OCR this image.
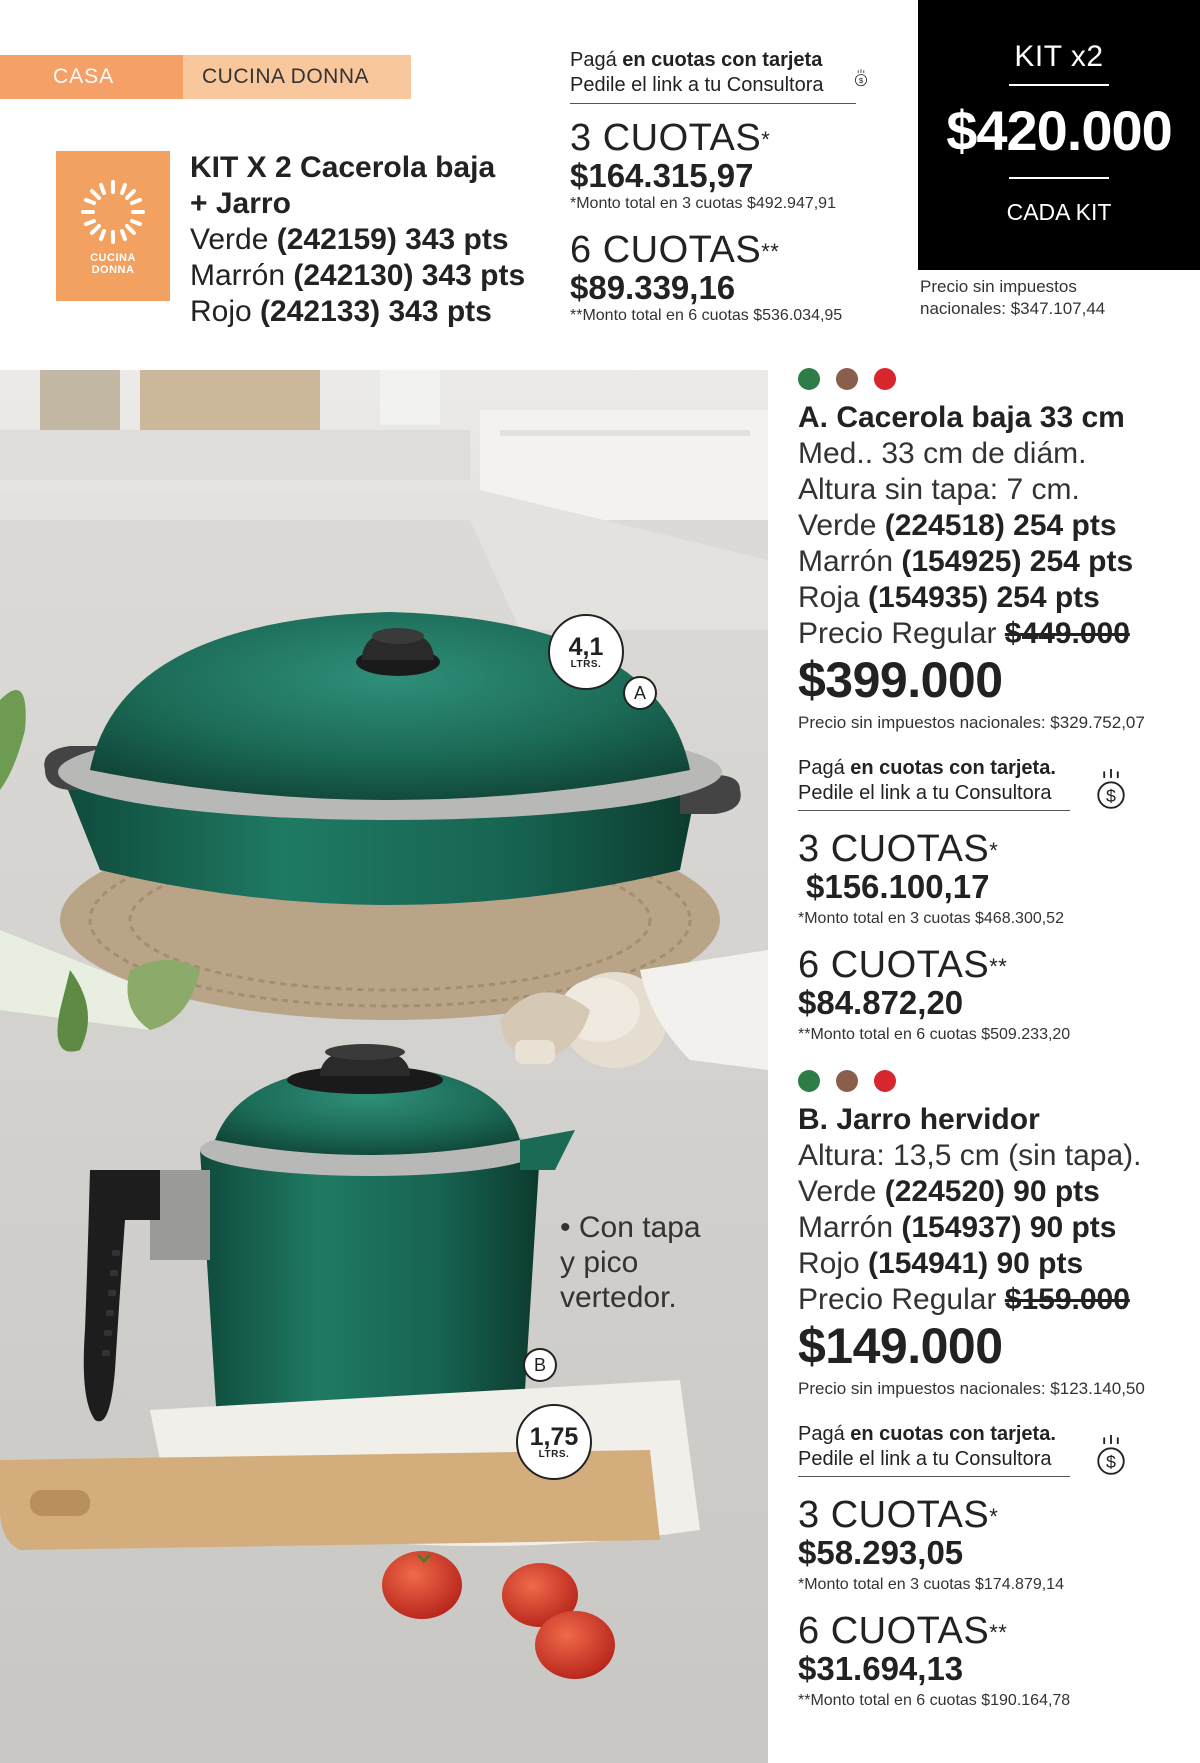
CASA	CUCINA DONNA
CUCINA
DONNA
KIT X 2 Cacerola baja
+ Jarro
Verde (242159) 343 pts
Marrón (242130) 343 pts
Rojo (242133) 343 pts
Pagá en cuotas con tarjeta
Pedile el link a tu Consultora	$
3 CUOTAS*
$164.315,97
*Monto total en 3 cuotas $492.947,91
6 CUOTAS**
$89.339,16
**Monto total en 6 cuotas $536.034,95
KIT x2
$420.000
CADA KIT
Precio sin impuestos
nacionales: $347.107,44
4,1
LTRS.
A
B
1,75
LTRS.
• Con tapa
y pico
vertedor.
A. Cacerola baja 33 cm
Med.. 33 cm de diám.
Altura sin tapa: 7 cm.
Verde (224518) 254 pts
Marrón (154925) 254 pts
Roja (154935) 254 pts
Precio Regular $449.000
$399.000
Precio sin impuestos nacionales: $329.752,07
Pagá en cuotas con tarjeta.
Pedile el link a tu Consultora	$
3 CUOTAS*
$156.100,17
*Monto total en 3 cuotas $468.300,52
6 CUOTAS**
$84.872,20
**Monto total en 6 cuotas $509.233,20
B. Jarro hervidor
Altura: 13,5 cm (sin tapa).
Verde (224520) 90 pts
Marrón (154937) 90 pts
Rojo (154941) 90 pts
Precio Regular $159.000
$149.000
Precio sin impuestos nacionales: $123.140,50
Pagá en cuotas con tarjeta.
Pedile el link a tu Consultora	$
3 CUOTAS*
$58.293,05
*Monto total en 3 cuotas $174.879,14
6 CUOTAS**
$31.694,13
**Monto total en 6 cuotas $190.164,78
